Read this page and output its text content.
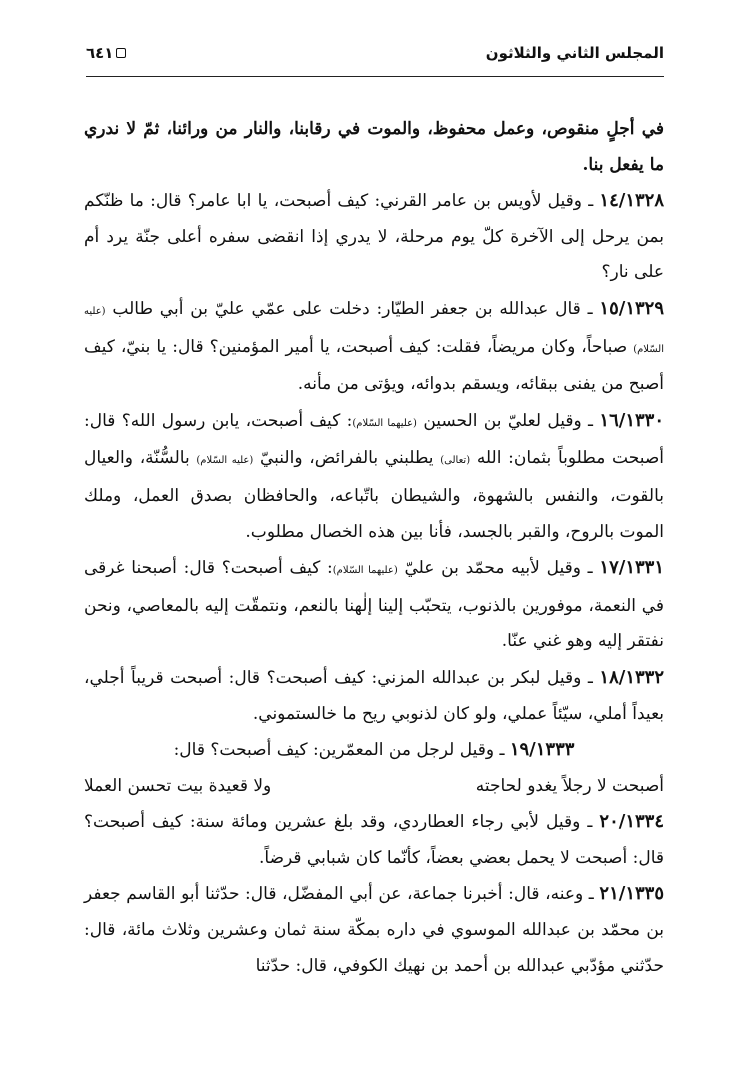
المجلس الثاني والثلاثون
٦٤١

في أجلٍ منقوص، وعمل محفوظ، والموت في رقابنا، والنار من ورائنا، ثمّ لا ندري ما يفعل بنا.

١٤/١٣٢٨ ـ وقيل لأويس بن عامر القرني: كيف أصبحت، يا ابا عامر؟ قال: ما ظنّكم بمن يرحل إلى الآخرة كلّ يوم مرحلة، لا يدري إذا انقضى سفره أعلى جنّة يرد أم على نار؟

١٥/١٣٢٩ ـ قال عبدالله بن جعفر الطيّار: دخلت على عمّي عليّ بن أبي طالب (عليه السّلام) صباحاً، وكان مريضاً، فقلت: كيف أصبحت، يا أمير المؤمنين؟ قال: يا بنيّ، كيف أصبح من يفنى ببقائه، ويسقم بدوائه، ويؤتى من مأنه.

١٦/١٣٣٠ ـ وقيل لعليّ بن الحسين (عليهما السّلام): كيف أصبحت، يابن رسول الله؟ قال: أصبحت مطلوباً بثمان: الله (تعالى) يطلبني بالفرائض، والنبيّ (عليه السّلام) بالسُّنّة، والعيال بالقوت، والنفس بالشهوة، والشيطان باتّباعه، والحافظان بصدق العمل، وملك الموت بالروح، والقبر بالجسد، فأنا بين هذه الخصال مطلوب.

١٧/١٣٣١ ـ وقيل لأبيه محمّد بن عليّ (عليهما السّلام): كيف أصبحت؟ قال: أصبحنا غرقى في النعمة، موفورين بالذنوب، يتحبّب إلينا إلٰهنا بالنعم، ونتمقّت إليه بالمعاصي، ونحن نفتقر إليه وهو غني عنّا.

١٨/١٣٣٢ ـ وقيل لبكر بن عبدالله المزني: كيف أصبحت؟ قال: أصبحت قريباً أجلي، بعيداً أملي، سيّئاً عملي، ولو كان لذنوبي ريح ما خالستموني.

١٩/١٣٣٣ ـ وقيل لرجل من المعمّرين: كيف أصبحت؟ قال:

أصبحت لا رجلاً يغدو لحاجته
ولا قعيدة بيت تحسن العملا

٢٠/١٣٣٤ ـ وقيل لأبي رجاء العطاردي، وقد بلغ عشرين ومائة سنة: كيف أصبحت؟ قال: أصبحت لا يحمل بعضي بعضاً، كأنّما كان شبابي قرضاً.

٢١/١٣٣٥ ـ وعنه، قال: أخبرنا جماعة، عن أبي المفضّل، قال: حدّثنا أبو القاسم جعفر بن محمّد بن عبدالله الموسوي في داره بمكّة سنة ثمان وعشرين وثلاث مائة، قال: حدّثني مؤدّبي عبدالله بن أحمد بن نهيك الكوفي، قال: حدّثنا
